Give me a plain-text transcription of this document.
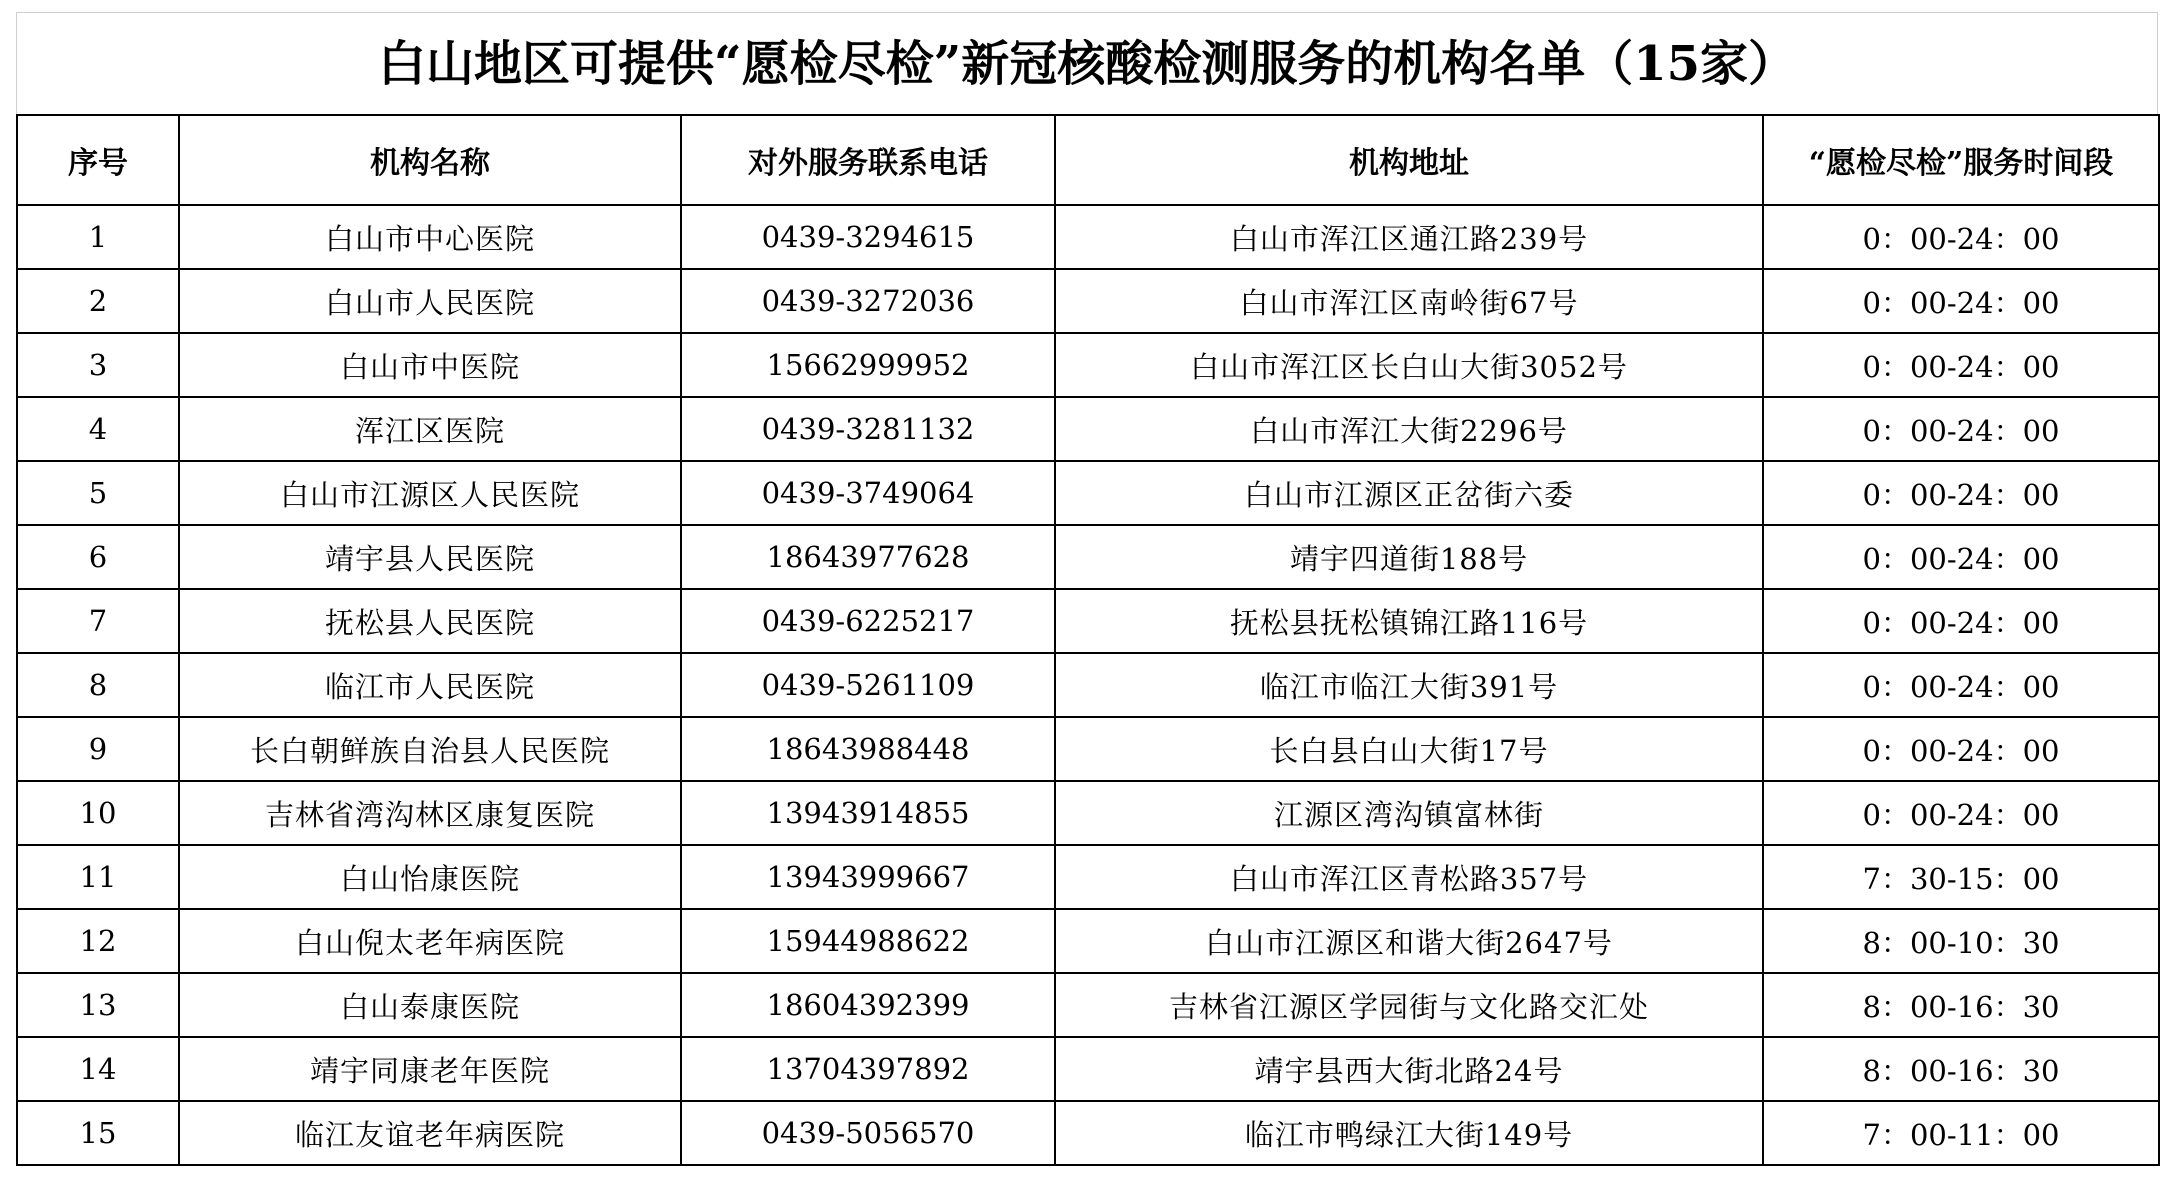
白山地区可提供“愿检尽检”新冠核酸检测服务的机构名单（15家）
序号	机构名称	对外服务联系电话	机构地址	“愿检尽检”服务时间段
1	白山市中心医院	0439-3294615	白山市浑江区通江路239号	0：00-24：00
2	白山市人民医院	0439-3272036	白山市浑江区南岭街67号	0：00-24：00
3	白山市中医院	15662999952	白山市浑江区长白山大街3052号	0：00-24：00
4	浑江区医院	0439-3281132	白山市浑江大街2296号	0：00-24：00
5	白山市江源区人民医院	0439-3749064	白山市江源区正岔街六委	0：00-24：00
6	靖宇县人民医院	18643977628	靖宇四道街188号	0：00-24：00
7	抚松县人民医院	0439-6225217	抚松县抚松镇锦江路116号	0：00-24：00
8	临江市人民医院	0439-5261109	临江市临江大街391号	0：00-24：00
9	长白朝鲜族自治县人民医院	18643988448	长白县白山大街17号	0：00-24：00
10	吉林省湾沟林区康复医院	13943914855	江源区湾沟镇富林街	0：00-24：00
11	白山怡康医院	13943999667	白山市浑江区青松路357号	7：30-15：00
12	白山倪太老年病医院	15944988622	白山市江源区和谐大街2647号	8：00-10：30
13	白山泰康医院	18604392399	吉林省江源区学园街与文化路交汇处	8：00-16：30
14	靖宇同康老年医院	13704397892	靖宇县西大街北路24号	8：00-16：30
15	临江友谊老年病医院	0439-5056570	临江市鸭绿江大街149号	7：00-11：00
